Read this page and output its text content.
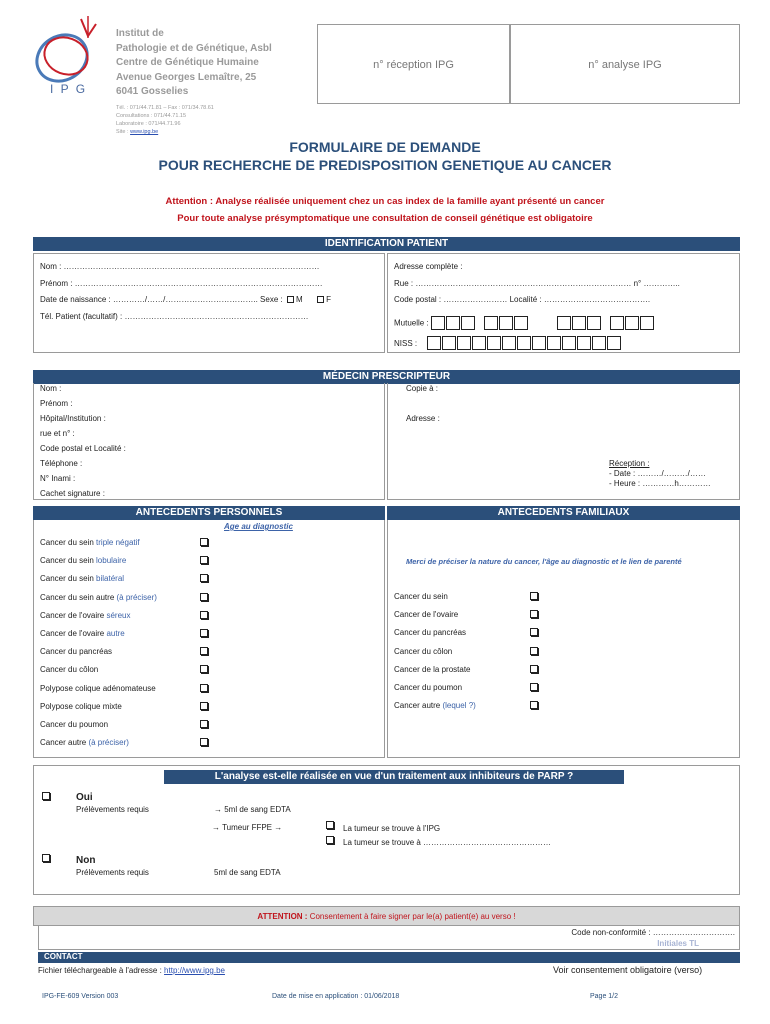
I P G
Institut de
Pathologie et de Génétique, Asbl
Centre de Génétique Humaine
Avenue Georges Lemaître, 25
6041 Gosselies
Tél. : 071/44.71.81 – Fax : 071/34.78.61
Consultations : 071/44.71.15
Laboratoire : 071/44.71.96
Site : www.ipg.be
n° réception IPG	n° analyse IPG
FORMULAIRE DE DEMANDE
POUR RECHERCHE DE PREDISPOSITION GENETIQUE AU CANCER
Attention : Analyse réalisée uniquement chez un cas index de la famille ayant présenté un cancer
Pour toute analyse présymptomatique une consultation de conseil génétique est obligatoire
IDENTIFICATION PATIENT
Nom : ……………………………………………………………………………………
Prénom : …………………………………………………………………………………
Date de naissance : …………/……/…………………………….. Sexe : M	F
Tél. Patient (facultatif) : ……………………………………………………………
Adresse complète :
Rue : ……………………………………………………………………… n° …………..
Code postal : …………………… Localité : ………………………………….
Mutuelle :
NISS :
MÉDECIN PRESCRIPTEUR
Nom :
Prénom :
Hôpital/Institution :
rue et n° :
Code postal et Localité :
Téléphone :
N° Inami :
Cachet signature :
Copie à :
Adresse :
Réception :
- Date : ………/………/……
- Heure : …………h…………
ANTECEDENTS PERSONNELS	ANTECEDENTS FAMILIAUX
Age au diagnostic
Cancer du sein triple négatif
Cancer du sein lobulaire
Cancer du sein bilatéral
Cancer du sein autre (à préciser)
Cancer de l'ovaire séreux
Cancer de l'ovaire autre
Cancer du pancréas
Cancer du côlon
Polypose colique adénomateuse
Polypose colique mixte
Cancer du poumon
Cancer autre (à préciser)
Merci de préciser la nature du cancer, l'âge au diagnostic et le lien de parenté
Cancer du sein
Cancer de l'ovaire
Cancer du pancréas
Cancer du côlon
Cancer de la prostate
Cancer du poumon
Cancer autre (lequel ?)
L'analyse est-elle réalisée en vue d'un traitement aux inhibiteurs de PARP ?
Oui
Prélèvements requis	→ 5ml de sang EDTA
→ Tumeur FFPE →	La tumeur se trouve à l'IPG
La tumeur se trouve à …………………………………………
Non
Prélèvements requis	5ml de sang EDTA
ATTENTION : Consentement à faire signer par le(a) patient(e) au verso !
Code non-conformité : ………………………….
Initiales TL
CONTACT
Fichier téléchargeable à l'adresse : http://www.ipg.be	Voir consentement obligatoire (verso)
IPG-FE-609 Version 003	Date de mise en application : 01/06/2018	Page 1/2
